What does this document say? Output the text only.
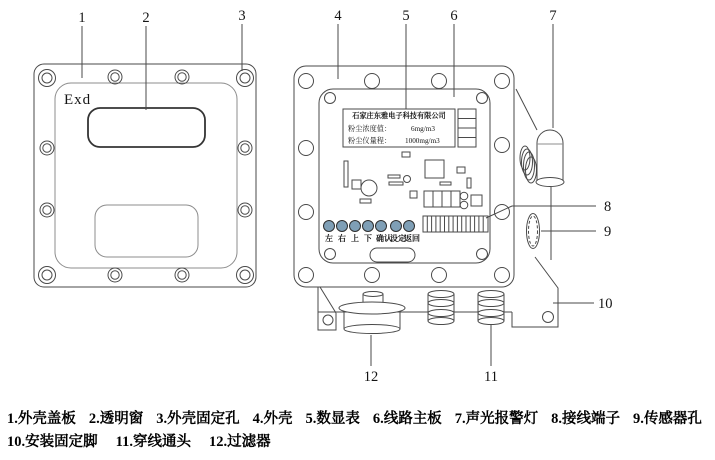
Exd
石家庄东雅电子科技有限公司
粉尘浓度值：	6mg/m3
粉尘仪量程： 1000mg/m3
左 右 上 下 确认
设定
返回
1	2	3	4	5	6	7
8
9
10
11
12
1.外壳盖板 2.透明窗 3.外壳固定孔 4.外壳 5.数显表 6.线路主板 7.声光报警灯 8.接线端子 9.传感器孔
10.安装固定脚 11.穿线通头 12.过滤器
